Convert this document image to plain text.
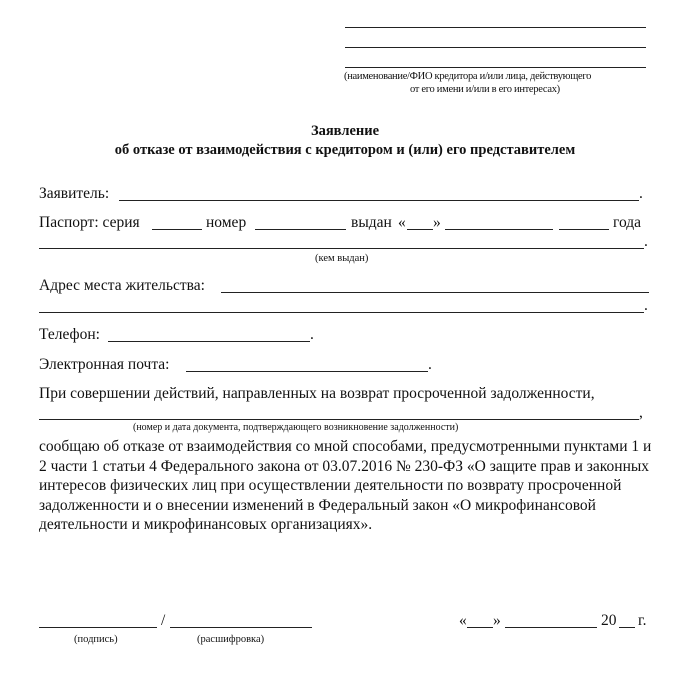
(наименование/ФИО кредитора и/или лица, действующего
от его имени и/или в его интересах)
Заявление
об отказе от взаимодействия с кредитором и (или) его представителем
Заявитель:	.
Паспорт: серия	номер	выдан « »	года
.
(кем выдан)
Адрес места жительства:
.
Телефон:	.
Электронная почта:	.
При совершении действий, направленных на возврат просроченной задолженности,
,
(номер и дата документа, подтверждающего возникновение задолженности)
сообщаю об отказе от взаимодействия со мной способами, предусмотренными пунктами 1 и 2 части 1 статьи 4 Федерального закона от 03.07.2016 № 230-ФЗ «О защите прав и законных интересов физических лиц при осуществлении деятельности по возврату просроченной задолженности и о внесении изменений в Федеральный закон «О микрофинансовой деятельности и микрофинансовых организациях».
/
(подпись)	(расшифровка)
« »	20 г.
